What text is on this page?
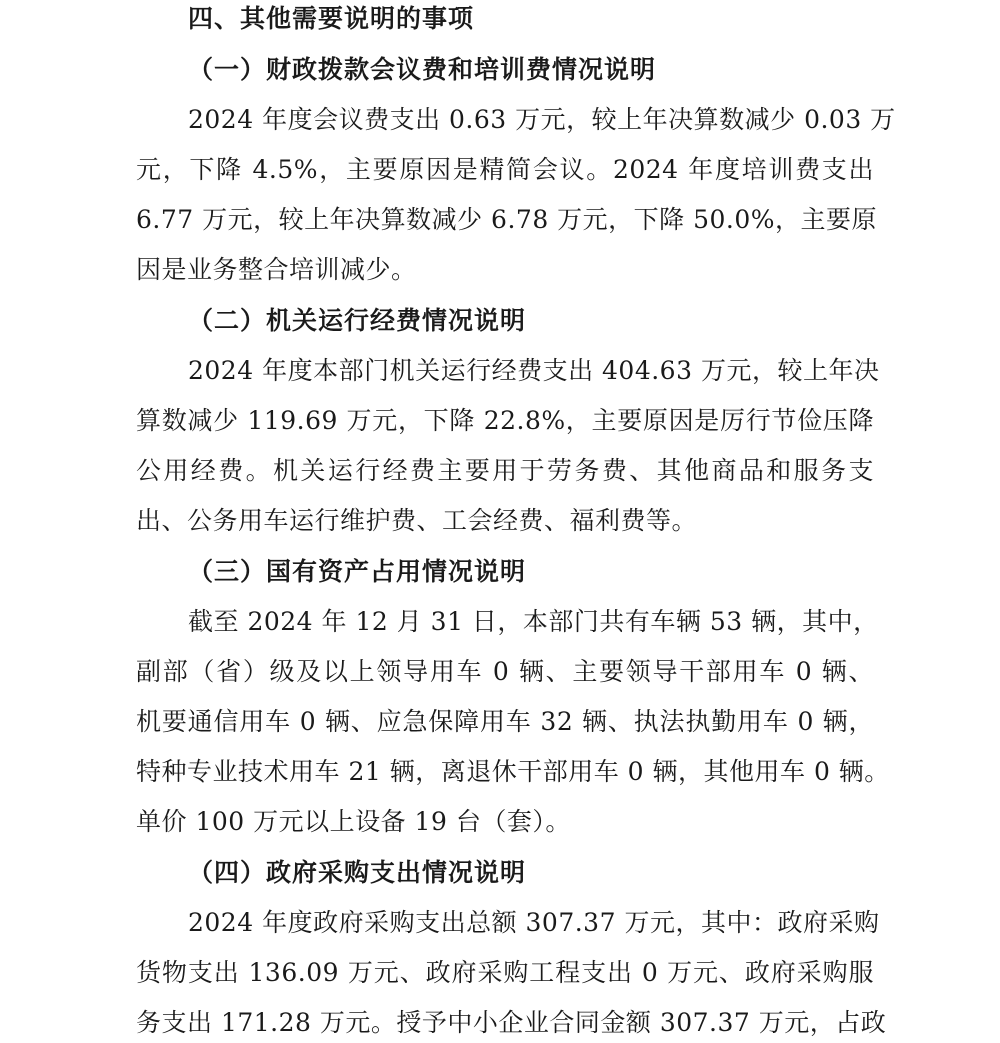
四、其他需要说明的事项
（一）财政拨款会议费和培训费情况说明
2024 年度会议费支出 0.63 万元，较上年决算数减少 0.03 万
元，下降 4.5%，主要原因是精简会议。2024 年度培训费支出
6.77 万元，较上年决算数减少 6.78 万元，下降 50.0%，主要原
因是业务整合培训减少。
（二）机关运行经费情况说明
2024 年度本部门机关运行经费支出 404.63 万元，较上年决
算数减少 119.69 万元，下降 22.8%，主要原因是厉行节俭压降
公用经费。机关运行经费主要用于劳务费、其他商品和服务支
出、公务用车运行维护费、工会经费、福利费等。
（三）国有资产占用情况说明
截至 2024 年 12 月 31 日，本部门共有车辆 53 辆，其中，
副部（省）级及以上领导用车 0 辆、主要领导干部用车 0 辆、
机要通信用车 0 辆、应急保障用车 32 辆、执法执勤用车 0 辆，
特种专业技术用车 21 辆，离退休干部用车 0 辆，其他用车 0 辆。
单价 100 万元以上设备 19 台（套）。
（四）政府采购支出情况说明
2024 年度政府采购支出总额 307.37 万元，其中：政府采购
货物支出 136.09 万元、政府采购工程支出 0 万元、政府采购服
务支出 171.28 万元。授予中小企业合同金额 307.37 万元，占政
